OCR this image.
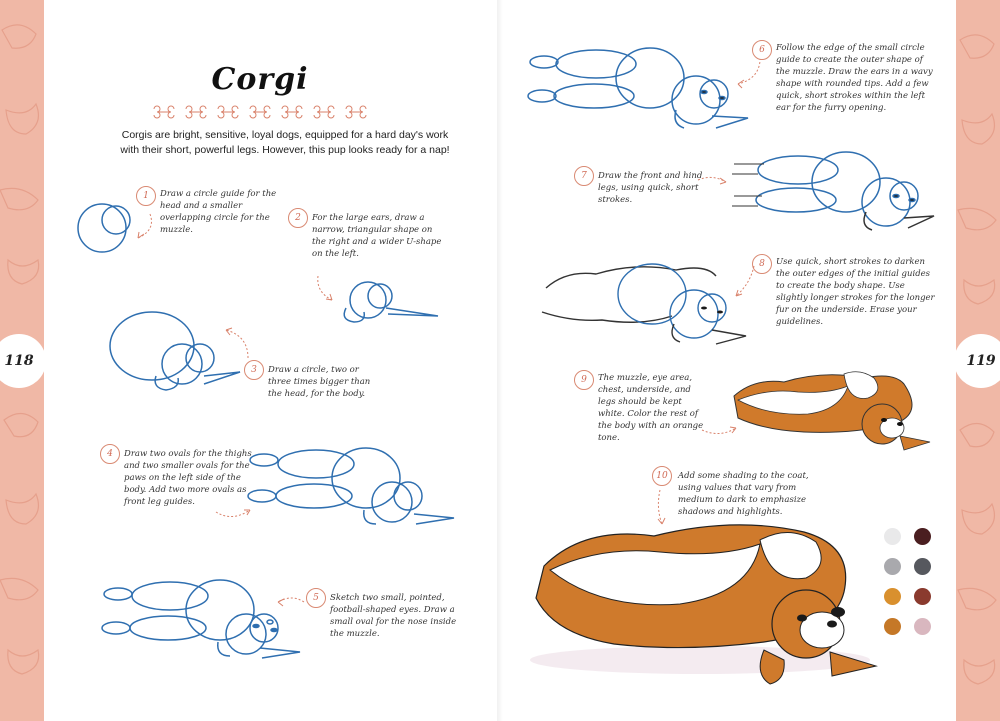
118	119
Corgi
Corgis are bright, sensitive, loyal dogs, equipped for a hard day's work with their short, powerful legs. However, this pup looks ready for a nap!
1	Draw a circle guide for the head and a smaller overlapping circle for the muzzle.
2	For the large ears, draw a narrow, triangular shape on the right and a wider U-shape on the left.
3	Draw a circle, two or three times bigger than the head, for the body.
4	Draw two ovals for the thighs and two smaller ovals for the paws on the left side of the body. Add two more ovals as front leg guides.
5	Sketch two small, pointed, football-shaped eyes. Draw a small oval for the nose inside the muzzle.
6	Follow the edge of the small circle guide to create the outer shape of the muzzle. Draw the ears in a wavy shape with rounded tips. Add a few quick, short strokes within the left ear for the furry opening.
7	Draw the front and hind legs, using quick, short strokes.
8	Use quick, short strokes to darken the outer edges of the initial guides to create the body shape. Use slightly longer strokes for the longer fur on the underside. Erase your guidelines.
9	The muzzle, eye area, chest, underside, and legs should be kept white. Color the rest of the body with an orange tone.
10	Add some shading to the coat, using values that vary from medium to dark to emphasize shadows and highlights.
